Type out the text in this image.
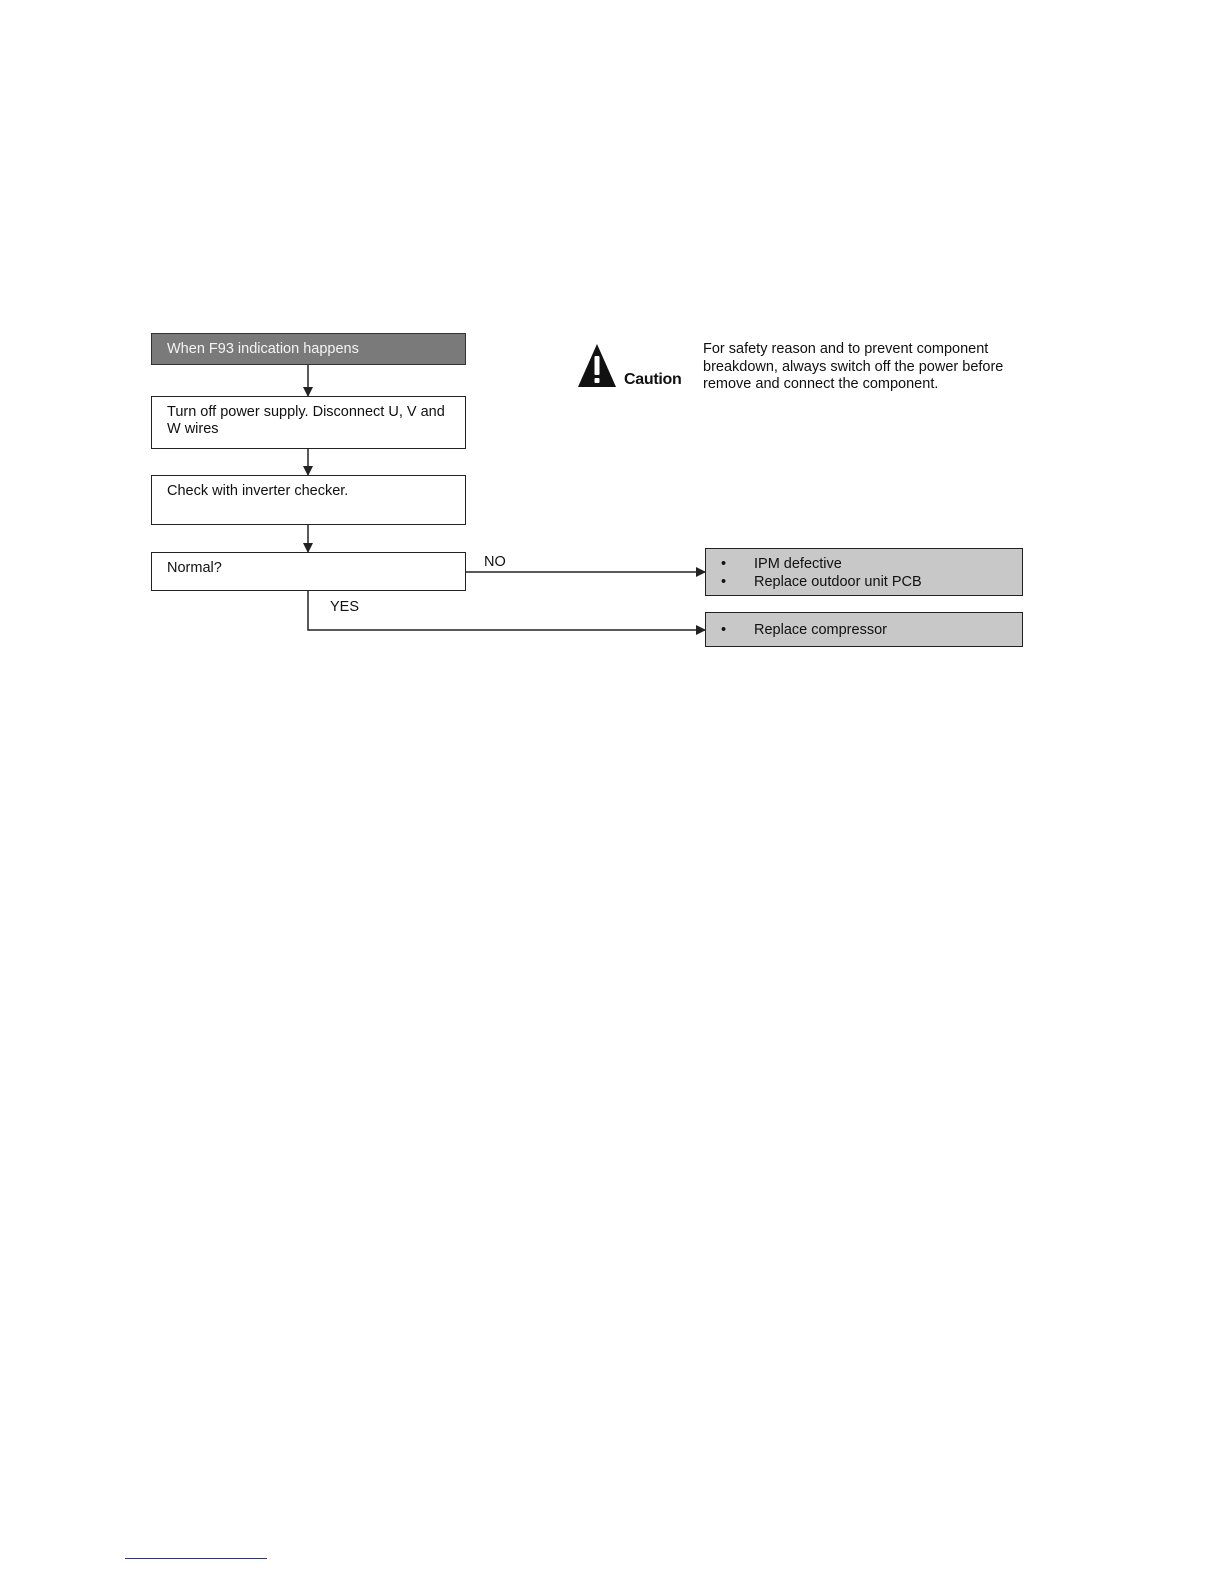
When F93 indication happens
Turn off power supply. Disconnect U, V and W wires
Check with inverter checker.
Normal?	NO
YES
• IPM defective
• Replace outdoor unit PCB
• Replace compressor
Caution
For safety reason and to prevent component breakdown, always switch off the power before remove and connect the component.
